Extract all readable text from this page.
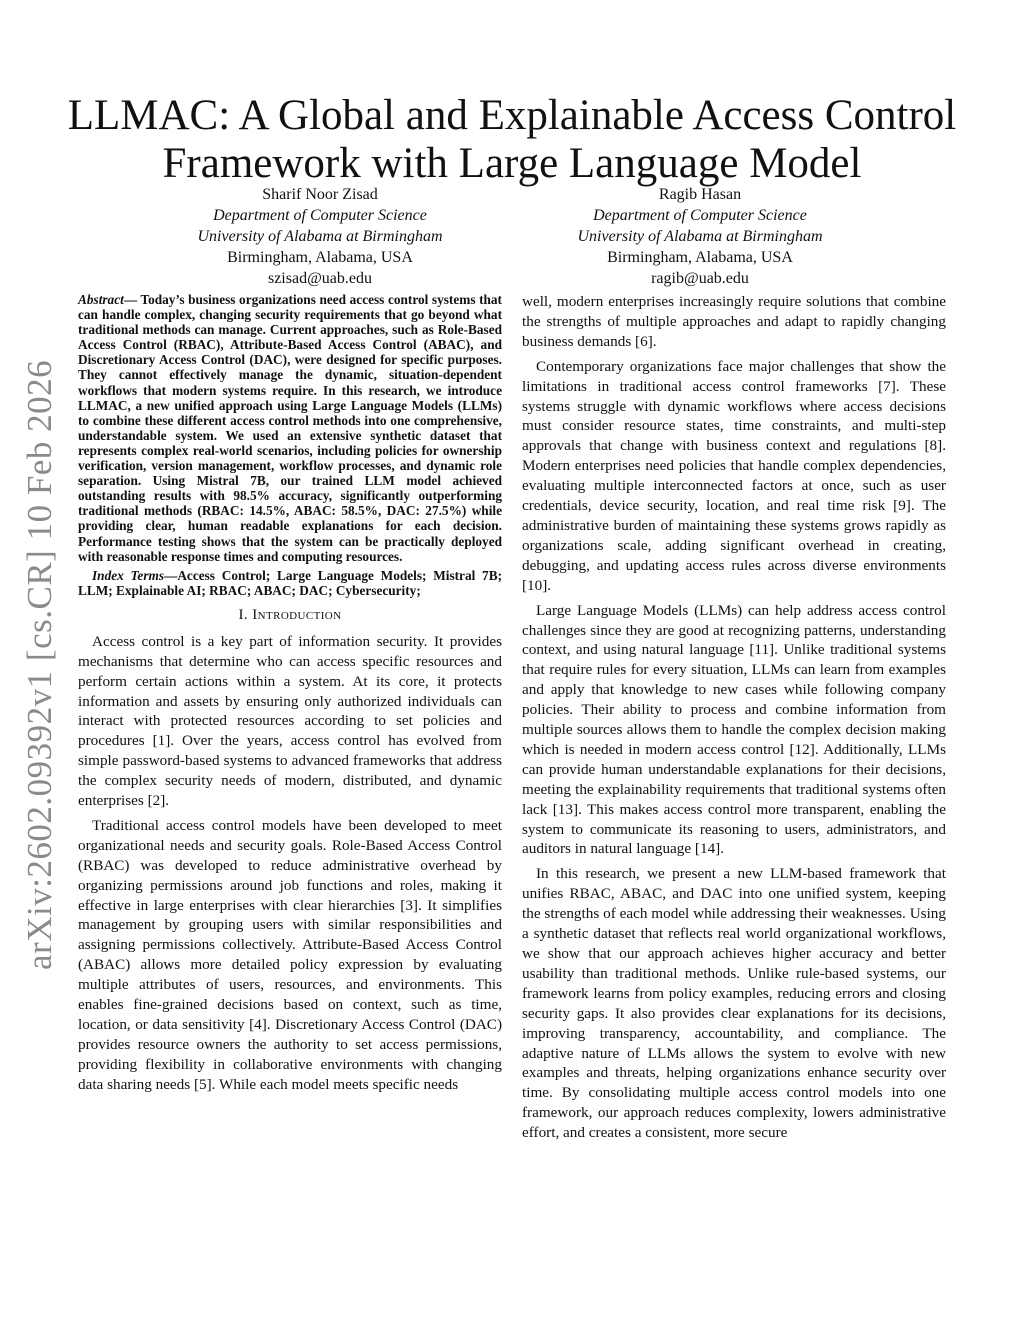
arXiv:2602.09392v1 [cs.CR] 10 Feb 2026
LLMAC: A Global and Explainable Access Control Framework with Large Language Model
Sharif Noor Zisad
Department of Computer Science
University of Alabama at Birmingham
Birmingham, Alabama, USA
szisad@uab.edu
Ragib Hasan
Department of Computer Science
University of Alabama at Birmingham
Birmingham, Alabama, USA
ragib@uab.edu

Abstract— Today’s business organizations need access control systems that can handle complex, changing security requirements that go beyond what traditional methods can manage. Current approaches, such as Role-Based Access Control (RBAC), Attribute-Based Access Control (ABAC), and Discretionary Access Control (DAC), were designed for specific purposes. They cannot effectively manage the dynamic, situation-dependent workflows that modern systems require. In this research, we introduce LLMAC, a new unified approach using Large Language Models (LLMs) to combine these different access control methods into one comprehensive, understandable system. We used an extensive synthetic dataset that represents complex real-world scenarios, including policies for ownership verification, version management, workflow processes, and dynamic role separation. Using Mistral 7B, our trained LLM model achieved outstanding results with 98.5% accuracy, significantly outperforming traditional methods (RBAC: 14.5%, ABAC: 58.5%, DAC: 27.5%) while providing clear, human readable explanations for each decision. Performance testing shows that the system can be practically deployed with reasonable response times and computing resources.

Index Terms—Access Control; Large Language Models; Mistral 7B; LLM; Explainable AI; RBAC; ABAC; DAC; Cybersecurity;

I. Introduction

Access control is a key part of information security. It provides mechanisms that determine who can access specific resources and perform certain actions within a system. At its core, it protects information and assets by ensuring only authorized individuals can interact with protected resources according to set policies and procedures [1]. Over the years, access control has evolved from simple password-based systems to advanced frameworks that address the complex security needs of modern, distributed, and dynamic enterprises [2].

Traditional access control models have been developed to meet organizational needs and security goals. Role-Based Access Control (RBAC) was developed to reduce administrative overhead by organizing permissions around job functions and roles, making it effective in large enterprises with clear hierarchies [3]. It simplifies management by grouping users with similar responsibilities and assigning permissions collectively. Attribute-Based Access Control (ABAC) allows more detailed policy expression by evaluating multiple attributes of users, resources, and environments. This enables fine-grained decisions based on context, such as time, location, or data sensitivity [4]. Discretionary Access Control (DAC) provides resource owners the authority to set access permissions, providing flexibility in collaborative environments with changing data sharing needs [5]. While each model meets specific needs

well, modern enterprises increasingly require solutions that combine the strengths of multiple approaches and adapt to rapidly changing business demands [6].

Contemporary organizations face major challenges that show the limitations in traditional access control frameworks [7]. These systems struggle with dynamic workflows where access decisions must consider resource states, time constraints, and multi-step approvals that change with business context and regulations [8]. Modern enterprises need policies that handle complex dependencies, evaluating multiple interconnected factors at once, such as user credentials, device security, location, and real time risk [9]. The administrative burden of maintaining these systems grows rapidly as organizations scale, adding significant overhead in creating, debugging, and updating access rules across diverse environments [10].

Large Language Models (LLMs) can help address access control challenges since they are good at recognizing patterns, understanding context, and using natural language [11]. Unlike traditional systems that require rules for every situation, LLMs can learn from examples and apply that knowledge to new cases while following company policies. Their ability to process and combine information from multiple sources allows them to handle the complex decision making which is needed in modern access control [12]. Additionally, LLMs can provide human understandable explanations for their decisions, meeting the explainability requirements that traditional systems often lack [13]. This makes access control more transparent, enabling the system to communicate its reasoning to users, administrators, and auditors in natural language [14].

In this research, we present a new LLM-based framework that unifies RBAC, ABAC, and DAC into one unified system, keeping the strengths of each model while addressing their weaknesses. Using a synthetic dataset that reflects real world organizational workflows, we show that our approach achieves higher accuracy and better usability than traditional methods. Unlike rule-based systems, our framework learns from policy examples, reducing errors and closing security gaps. It also provides clear explanations for its decisions, improving transparency, accountability, and compliance. The adaptive nature of LLMs allows the system to evolve with new examples and threats, helping organizations enhance security over time. By consolidating multiple access control models into one framework, our approach reduces complexity, lowers administrative effort, and creates a consistent, more secure
